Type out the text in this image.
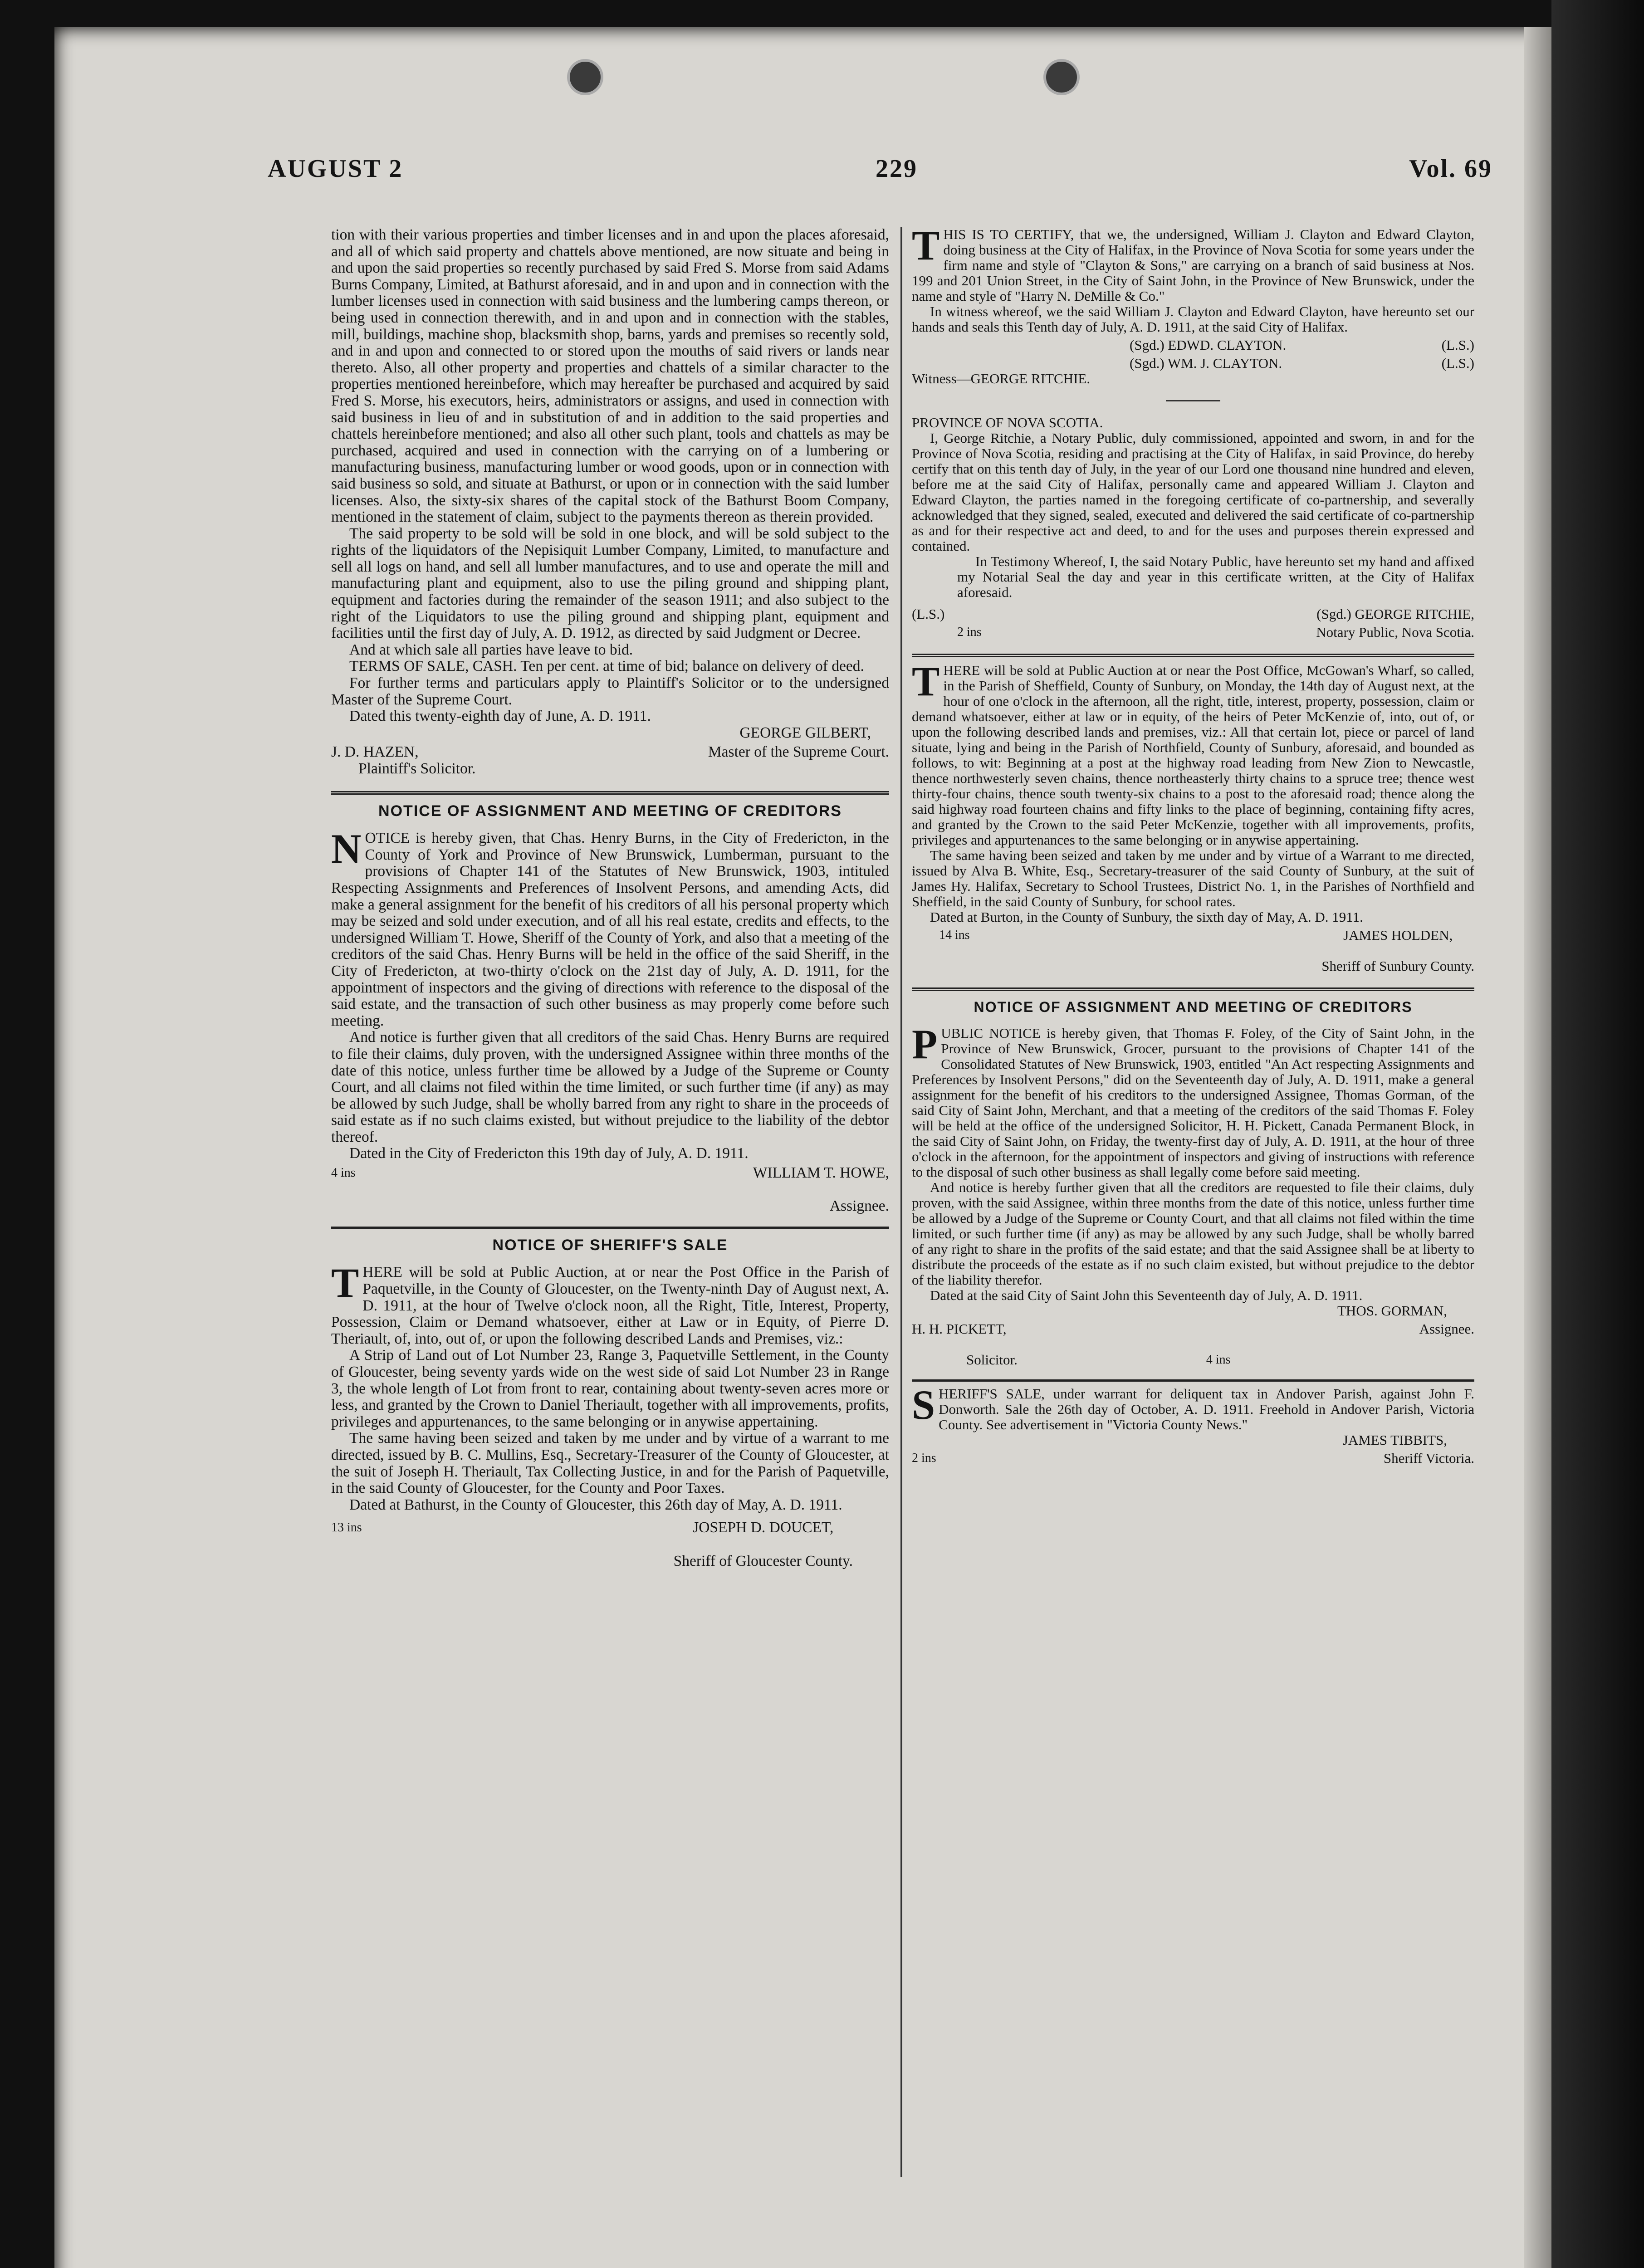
AUGUST 2	229	Vol. 69

tion with their various properties and timber licenses and in and upon the places aforesaid, and all of which said property and chattels above mentioned, are now situate and being in and upon the said properties so recently purchased by said Fred S. Morse from said Adams Burns Company, Limited, at Bathurst aforesaid, and in and upon and in connection with the lumber licenses used in connection with said business and the lumbering camps thereon, or being used in connection therewith, and in and upon and in connection with the stables, mill, buildings, machine shop, blacksmith shop, barns, yards and premises so recently sold, and in and upon and connected to or stored upon the mouths of said rivers or lands near thereto. Also, all other property and properties and chattels of a similar character to the properties mentioned hereinbefore, which may hereafter be purchased and acquired by said Fred S. Morse, his executors, heirs, administrators or assigns, and used in connection with said business in lieu of and in substitution of and in addition to the said properties and chattels hereinbefore mentioned; and also all other such plant, tools and chattels as may be purchased, acquired and used in connection with the carrying on of a lumbering or manufacturing business, manufacturing lumber or wood goods, upon or in connection with said business so sold, and situate at Bathurst, or upon or in connection with the said lumber licenses. Also, the sixty-six shares of the capital stock of the Bathurst Boom Company, mentioned in the statement of claim, subject to the payments thereon as therein provided.

The said property to be sold will be sold in one block, and will be sold subject to the rights of the liquidators of the Nepisiquit Lumber Company, Limited, to manufacture and sell all logs on hand, and sell all lumber manufactures, and to use and operate the mill and manufacturing plant and equipment, also to use the piling ground and shipping plant, equipment and factories during the remainder of the season 1911; and also subject to the right of the Liquidators to use the piling ground and shipping plant, equipment and facilities until the first day of July, A. D. 1912, as directed by said Judgment or Decree.

And at which sale all parties have leave to bid.

TERMS OF SALE, CASH. Ten per cent. at time of bid; balance on delivery of deed.

For further terms and particulars apply to Plaintiff's Solicitor or to the undersigned Master of the Supreme Court.

Dated this twenty-eighth day of June, A. D. 1911.

GEORGE GILBERT,
J. D. HAZEN,	Master of the Supreme Court.
Plaintiff's Solicitor.
NOTICE OF ASSIGNMENT AND MEETING OF CREDITORS

NOTICE is hereby given, that Chas. Henry Burns, in the City of Fredericton, in the County of York and Province of New Brunswick, Lumberman, pursuant to the provisions of Chapter 141 of the Statutes of New Brunswick, 1903, intituled Respecting Assignments and Preferences of Insolvent Persons, and amending Acts, did make a general assignment for the benefit of his creditors of all his personal property which may be seized and sold under execution, and of all his real estate, credits and effects, to the undersigned William T. Howe, Sheriff of the County of York, and also that a meeting of the creditors of the said Chas. Henry Burns will be held in the office of the said Sheriff, in the City of Fredericton, at two-thirty o'clock on the 21st day of July, A. D. 1911, for the appointment of inspectors and the giving of directions with reference to the disposal of the said estate, and the transaction of such other business as may properly come before such meeting.

And notice is further given that all creditors of the said Chas. Henry Burns are required to file their claims, duly proven, with the undersigned Assignee within three months of the date of this notice, unless further time be allowed by a Judge of the Supreme or County Court, and all claims not filed within the time limited, or such further time (if any) as may be allowed by such Judge, shall be wholly barred from any right to share in the proceeds of said estate as if no such claims existed, but without prejudice to the liability of the debtor thereof.

Dated in the City of Fredericton this 19th day of July, A. D. 1911.

4 ins	WILLIAM T. HOWE,

Assignee.
NOTICE OF SHERIFF'S SALE

THERE will be sold at Public Auction, at or near the Post Office in the Parish of Paquetville, in the County of Gloucester, on the Twenty-ninth Day of August next, A. D. 1911, at the hour of Twelve o'clock noon, all the Right, Title, Interest, Property, Possession, Claim or Demand whatsoever, either at Law or in Equity, of Pierre D. Theriault, of, into, out of, or upon the following described Lands and Premises, viz.:

A Strip of Land out of Lot Number 23, Range 3, Paquetville Settlement, in the County of Gloucester, being seventy yards wide on the west side of said Lot Number 23 in Range 3, the whole length of Lot from front to rear, containing about twenty-seven acres more or less, and granted by the Crown to Daniel Theriault, together with all improvements, profits, privileges and appurtenances, to the same belonging or in anywise appertaining.

The same having been seized and taken by me under and by virtue of a warrant to me directed, issued by B. C. Mullins, Esq., Secretary-Treasurer of the County of Gloucester, at the suit of Joseph H. Theriault, Tax Collecting Justice, in and for the Parish of Paquetville, in the said County of Gloucester, for the County and Poor Taxes.

Dated at Bathurst, in the County of Gloucester, this 26th day of May, A. D. 1911.

13 ins	JOSEPH D. DOUCET,

Sheriff of Gloucester County.

THIS IS TO CERTIFY, that we, the undersigned, William J. Clayton and Edward Clayton, doing business at the City of Halifax, in the Province of Nova Scotia for some years under the firm name and style of "Clayton & Sons," are carrying on a branch of said business at Nos. 199 and 201 Union Street, in the City of Saint John, in the Province of New Brunswick, under the name and style of "Harry N. DeMille & Co."

In witness whereof, we the said William J. Clayton and Edward Clayton, have hereunto set our hands and seals this Tenth day of July, A. D. 1911, at the said City of Halifax.

(Sgd.) EDWD. CLAYTON.	(L.S.)
(Sgd.) WM. J. CLAYTON.	(L.S.)
Witness—GEORGE RITCHIE.
PROVINCE OF NOVA SCOTIA.

I, George Ritchie, a Notary Public, duly commissioned, appointed and sworn, in and for the Province of Nova Scotia, residing and practising at the City of Halifax, in said Province, do hereby certify that on this tenth day of July, in the year of our Lord one thousand nine hundred and eleven, before me at the said City of Halifax, personally came and appeared William J. Clayton and Edward Clayton, the parties named in the foregoing certificate of co-partnership, and severally acknowledged that they signed, sealed, executed and delivered the said certificate of co-partnership as and for their respective act and deed, to and for the uses and purposes therein expressed and contained.

In Testimony Whereof, I, the said Notary Public, have hereunto set my hand and affixed my Notarial Seal the day and year in this certificate written, at the City of Halifax aforesaid.

(L.S.)	(Sgd.) GEORGE RITCHIE,
2 ins	Notary Public, Nova Scotia.

THERE will be sold at Public Auction at or near the Post Office, McGowan's Wharf, so called, in the Parish of Sheffield, County of Sunbury, on Monday, the 14th day of August next, at the hour of one o'clock in the afternoon, all the right, title, interest, property, possession, claim or demand whatsoever, either at law or in equity, of the heirs of Peter McKenzie of, into, out of, or upon the following described lands and premises, viz.: All that certain lot, piece or parcel of land situate, lying and being in the Parish of Northfield, County of Sunbury, aforesaid, and bounded as follows, to wit: Beginning at a post at the highway road leading from New Zion to Newcastle, thence northwesterly seven chains, thence northeasterly thirty chains to a spruce tree; thence west thirty-four chains, thence south twenty-six chains to a post to the aforesaid road; thence along the said highway road fourteen chains and fifty links to the place of beginning, containing fifty acres, and granted by the Crown to the said Peter McKenzie, together with all improvements, profits, privileges and appurtenances to the same belonging or in anywise appertaining.

The same having been seized and taken by me under and by virtue of a Warrant to me directed, issued by Alva B. White, Esq., Secretary-treasurer of the said County of Sunbury, at the suit of James Hy. Halifax, Secretary to School Trustees, District No. 1, in the Parishes of Northfield and Sheffield, in the said County of Sunbury, for school rates.

Dated at Burton, in the County of Sunbury, the sixth day of May, A. D. 1911.

14 ins	JAMES HOLDEN,

Sheriff of Sunbury County.
NOTICE OF ASSIGNMENT AND MEETING OF CREDITORS

PUBLIC NOTICE is hereby given, that Thomas F. Foley, of the City of Saint John, in the Province of New Brunswick, Grocer, pursuant to the provisions of Chapter 141 of the Consolidated Statutes of New Brunswick, 1903, entitled "An Act respecting Assignments and Preferences by Insolvent Persons," did on the Seventeenth day of July, A. D. 1911, make a general assignment for the benefit of his creditors to the undersigned Assignee, Thomas Gorman, of the said City of Saint John, Merchant, and that a meeting of the creditors of the said Thomas F. Foley will be held at the office of the undersigned Solicitor, H. H. Pickett, Canada Permanent Block, in the said City of Saint John, on Friday, the twenty-first day of July, A. D. 1911, at the hour of three o'clock in the afternoon, for the appointment of inspectors and giving of instructions with reference to the disposal of such other business as shall legally come before said meeting.

And notice is hereby further given that all the creditors are requested to file their claims, duly proven, with the said Assignee, within three months from the date of this notice, unless further time be allowed by a Judge of the Supreme or County Court, and that all claims not filed within the time limited, or such further time (if any) as may be allowed by any such Judge, shall be wholly barred of any right to share in the profits of the said estate; and that the said Assignee shall be at liberty to distribute the proceeds of the estate as if no such claim existed, but without prejudice to the debtor of the liability therefor.

Dated at the said City of Saint John this Seventeenth day of July, A. D. 1911.

THOS. GORMAN,
H. H. PICKETT,

Solicitor.	4 ins
Assignee.

SHERIFF'S SALE, under warrant for deliquent tax in Andover Parish, against John F. Donworth. Sale the 26th day of October, A. D. 1911. Freehold in Andover Parish, Victoria County. See advertisement in "Victoria County News."

JAMES TIBBITS,
2 ins	Sheriff Victoria.
